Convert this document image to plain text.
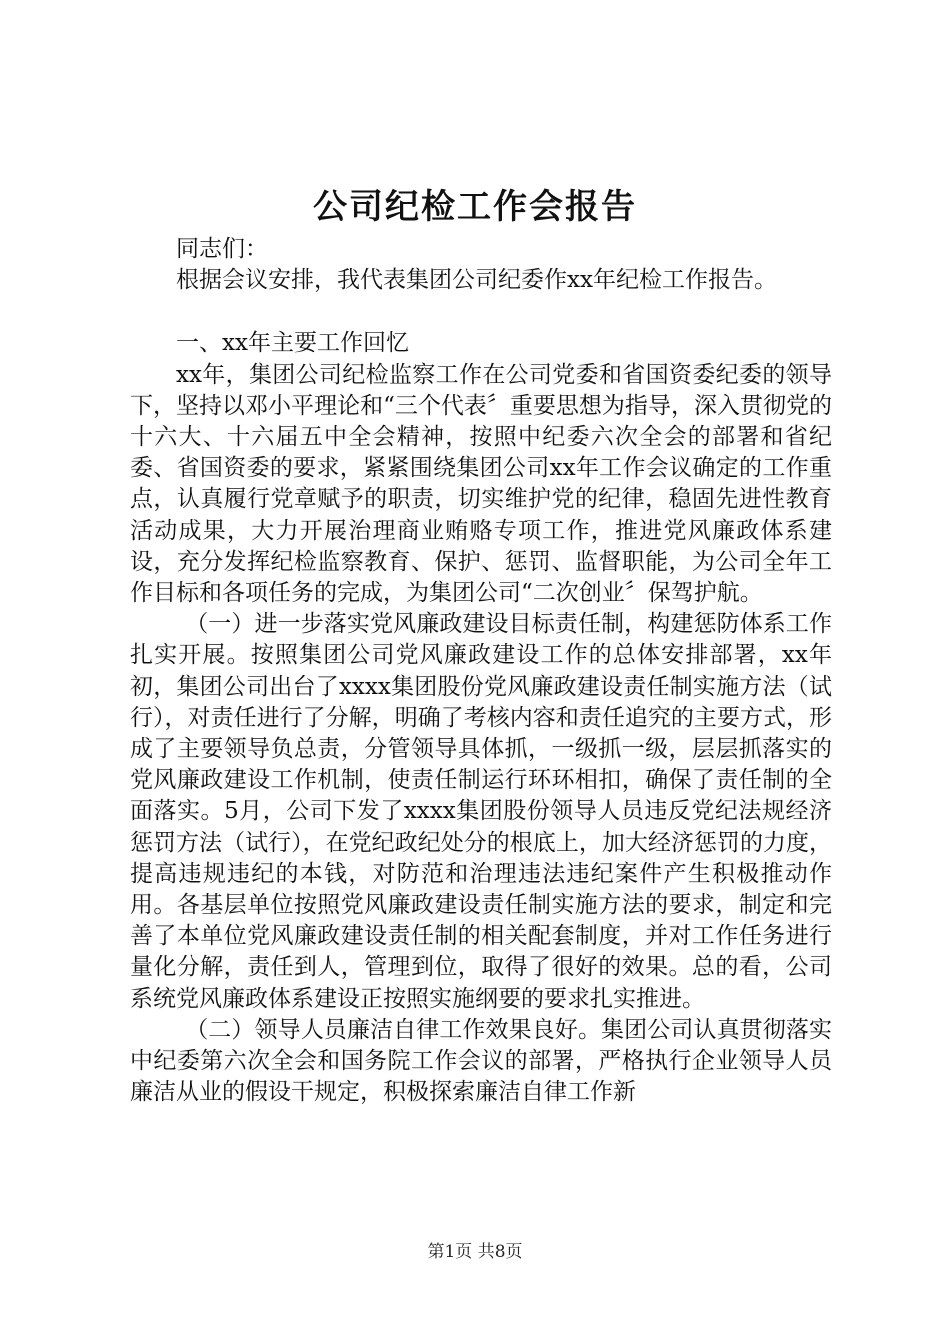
公司纪检工作会报告

同志们：

根据会议安排，我代表集团公司纪委作xx年纪检工作报告。

一、xx年主要工作回忆

xx年，集团公司纪检监察工作在公司党委和省国资委纪委的领导下，坚持以邓小平理论和“三个代表〞重要思想为指导，深入贯彻党的十六大、十六届五中全会精神，按照中纪委六次全会的部署和省纪委、省国资委的要求，紧紧围绕集团公司xx年工作会议确定的工作重点，认真履行党章赋予的职责，切实维护党的纪律，稳固先进性教育活动成果，大力开展治理商业贿赂专项工作，推进党风廉政体系建设，充分发挥纪检监察教育、保护、惩罚、监督职能，为公司全年工作目标和各项任务的完成，为集团公司“二次创业〞保驾护航。

（一）进一步落实党风廉政建设目标责任制，构建惩防体系工作扎实开展。按照集团公司党风廉政建设工作的总体安排部署，xx年初，集团公司出台了xxxx集团股份党风廉政建设责任制实施方法（试行），对责任进行了分解，明确了考核内容和责任追究的主要方式，形成了主要领导负总责，分管领导具体抓，一级抓一级，层层抓落实的党风廉政建设工作机制，使责任制运行环环相扣，确保了责任制的全面落实。5月，公司下发了xxxx集团股份领导人员违反党纪法规经济惩罚方法（试行），在党纪政纪处分的根底上，加大经济惩罚的力度，提高违规违纪的本钱，对防范和治理违法违纪案件产生积极推动作用。各基层单位按照党风廉政建设责任制实施方法的要求，制定和完善了本单位党风廉政建设责任制的相关配套制度，并对工作任务进行量化分解，责任到人，管理到位，取得了很好的效果。总的看，公司系统党风廉政体系建设正按照实施纲要的要求扎实推进。

（二）领导人员廉洁自律工作效果良好。集团公司认真贯彻落实中纪委第六次全会和国务院工作会议的部署，严格执行企业领导人员廉洁从业的假设干规定，积极探索廉洁自律工作新

第1页 共8页
